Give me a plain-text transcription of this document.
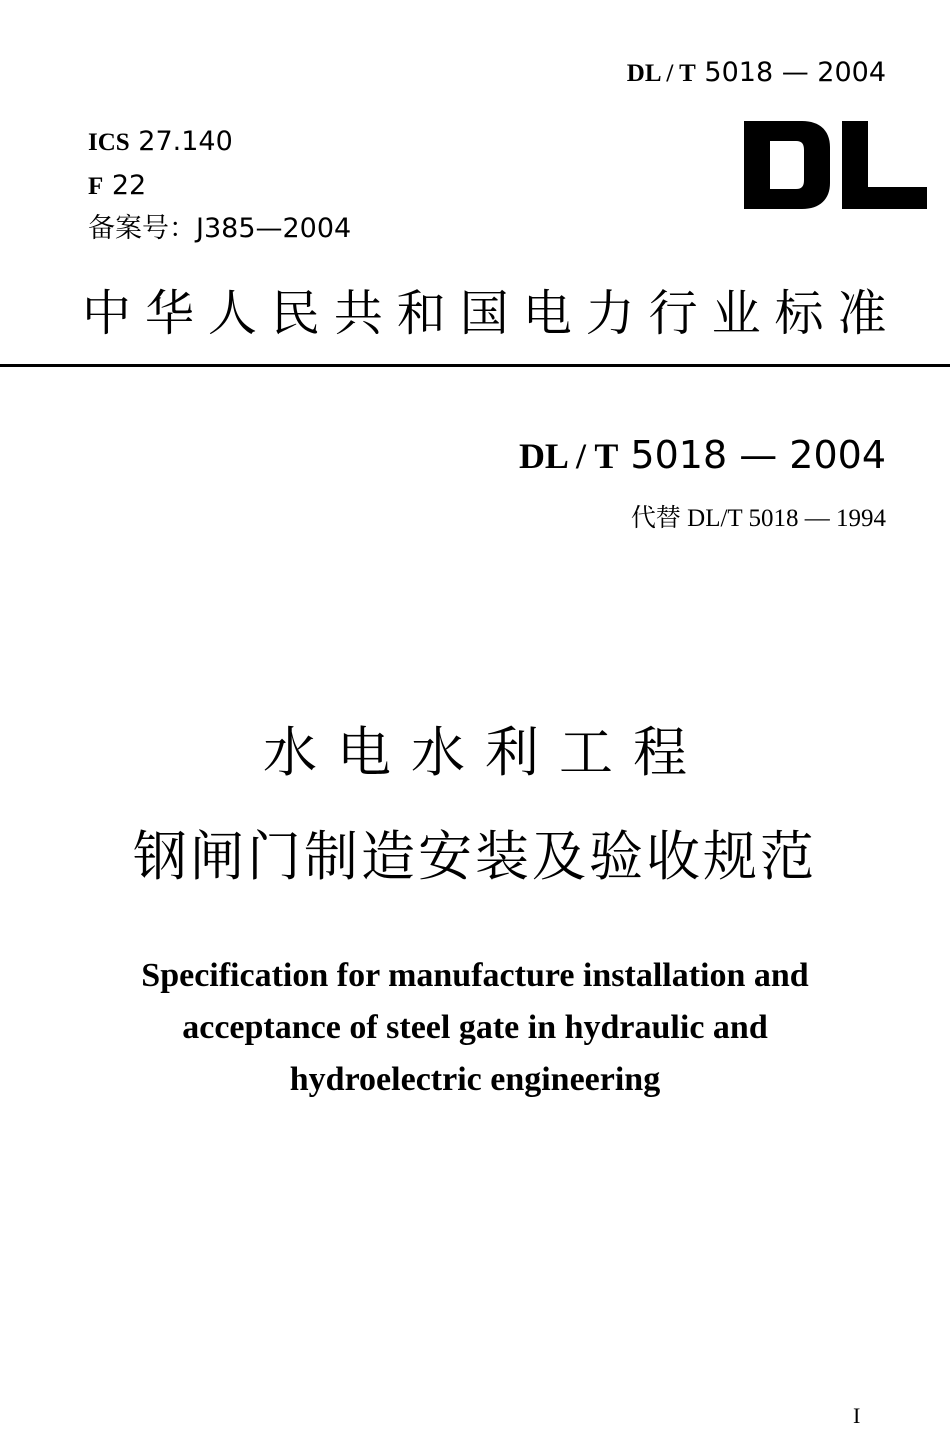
DL / T 5018 — 2004
ICS 27.140
F 22
备案号：J385—2004
中华人民共和国电力行业标准
DL / T 5018 — 2004
代替 DL/T 5018 — 1994
水电水利工程
钢闸门制造安装及验收规范
Specification for manufacture installation and
acceptance of steel gate in hydraulic and
hydroelectric engineering
I
